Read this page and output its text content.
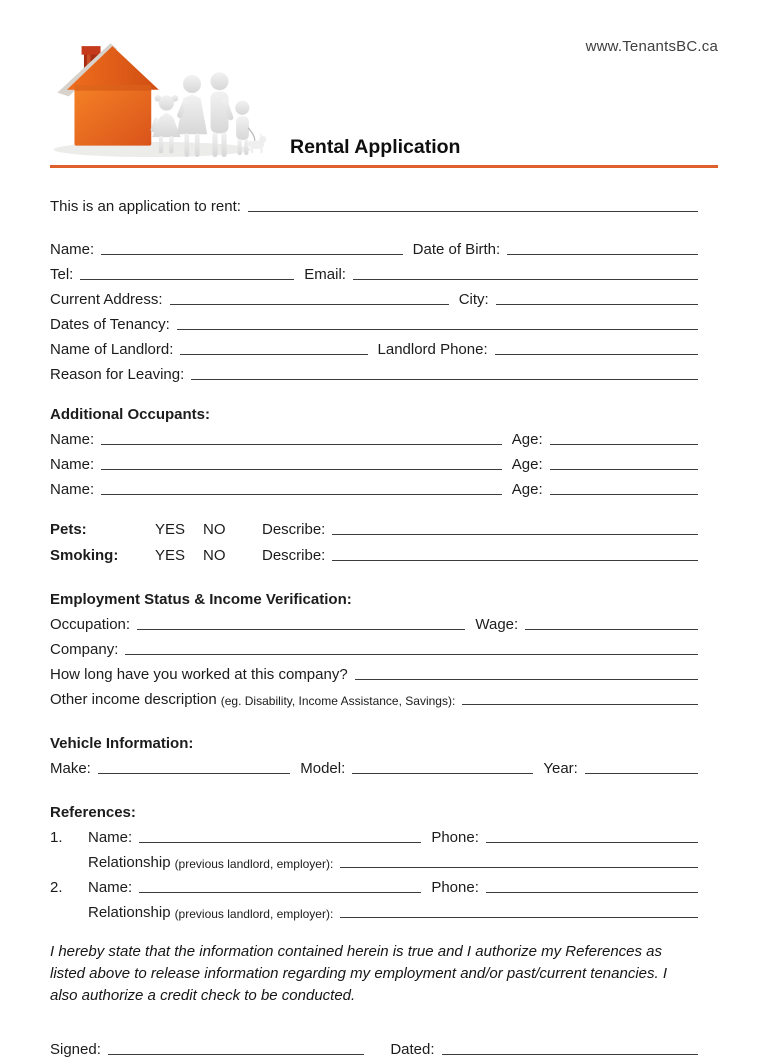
www.TenantsBC.ca
Rental Application
This is an application to rent:
Name:	Date of Birth:
Tel:	Email:
Current Address:	City:
Dates of Tenancy:
Name of Landlord:	Landlord Phone:
Reason for Leaving:
Additional Occupants:
Name:	Age:
Name:	Age:
Name:	Age:
Pets:	YES	NO	Describe:
Smoking:	YES	NO	Describe:
Employment Status & Income Verification:
Occupation:	Wage:
Company:
How long have you worked at this company?
Other income description (eg. Disability, Income Assistance, Savings):
Vehicle Information:
Make:	Model:	Year:
References:
1.	Name:	Phone:
Relationship (previous landlord, employer):
2.	Name:	Phone:
Relationship (previous landlord, employer):

I hereby state that the information contained herein is true and I authorize my References as listed above to release information regarding my employment and/or past/current tenancies. I also authorize a credit check to be conducted.

Signed:	Dated:
